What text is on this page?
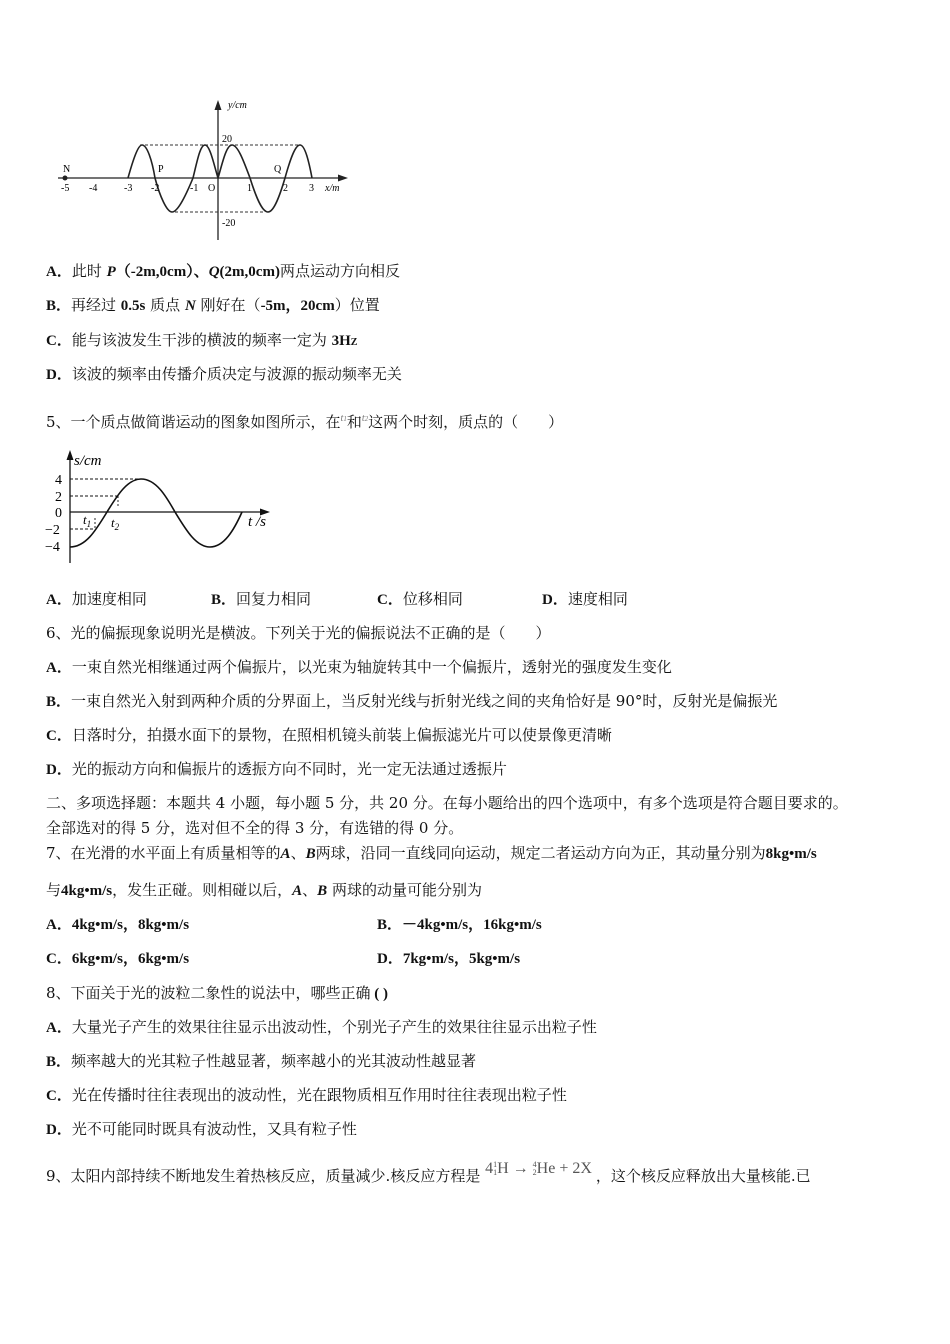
y/cm
20
-20
x/m
-5 -4	-3 -2	-1 O	1	2 3
N	P	Q
A．此时 P（-2m,0cm）、Q(2m,0cm)两点运动方向相反
B．再经过 0.5s 质点 N 刚好在（-5m，20cm）位置
C．能与该波发生干涉的横波的频率一定为 3HZ
D．该波的频率由传播介质决定与波源的振动频率无关
5、一个质点做简谐运动的图象如图所示，在$^{t1}$和$^{t2}$这两个时刻，质点的（　　）
s/cm
4
2
0
−2
−4
t /s
$t_1$ $t_2$
A．加速度相同	B．回复力相同	C．位移相同	D．速度相同
6、光的偏振现象说明光是横波。下列关于光的偏振说法不正确的是（　　）
A．一束自然光相继通过两个偏振片，以光束为轴旋转其中一个偏振片，透射光的强度发生变化
B．一束自然光入射到两种介质的分界面上，当反射光线与折射光线之间的夹角恰好是 90°时，反射光是偏振光
C．日落时分，拍摄水面下的景物，在照相机镜头前装上偏振滤光片可以使景像更清晰
D．光的振动方向和偏振片的透振方向不同时，光一定无法通过透振片
二、多项选择题：本题共 4 小题，每小题 5 分，共 20 分。在每小题给出的四个选项中，有多个选项是符合题目要求的。
全部选对的得 5 分，选对但不全的得 3 分，有选错的得 0 分。
7、在光滑的水平面上有质量相等的A、B两球，沿同一直线同向运动，规定二者运动方向为正，其动量分别为8kg•m/s
与4kg•m/s，发生正碰。则相碰以后，A、B 两球的动量可能分别为
A．4kg•m/s，8kg•m/s	B．－4kg•m/s，16kg•m/s
C．6kg•m/s，6kg•m/s	D．7kg•m/s，5kg•m/s
8、下面关于光的波粒二象性的说法中，哪些正确 ( )
A．大量光子产生的效果往往显示出波动性，个别光子产生的效果往往显示出粒子性
B．频率越大的光其粒子性越显著，频率越小的光其波动性越显著
C．光在传播时往往表现出的波动性，光在跟物质相互作用时往往表现出粒子性
D．光不可能同时既具有波动性，又具有粒子性
9、太阳内部持续不断地发生着热核反应，质量减少.核反应方程是 4 1
1 H → 4
2 He + 2X ，这个核反应释放出大量核能.已
